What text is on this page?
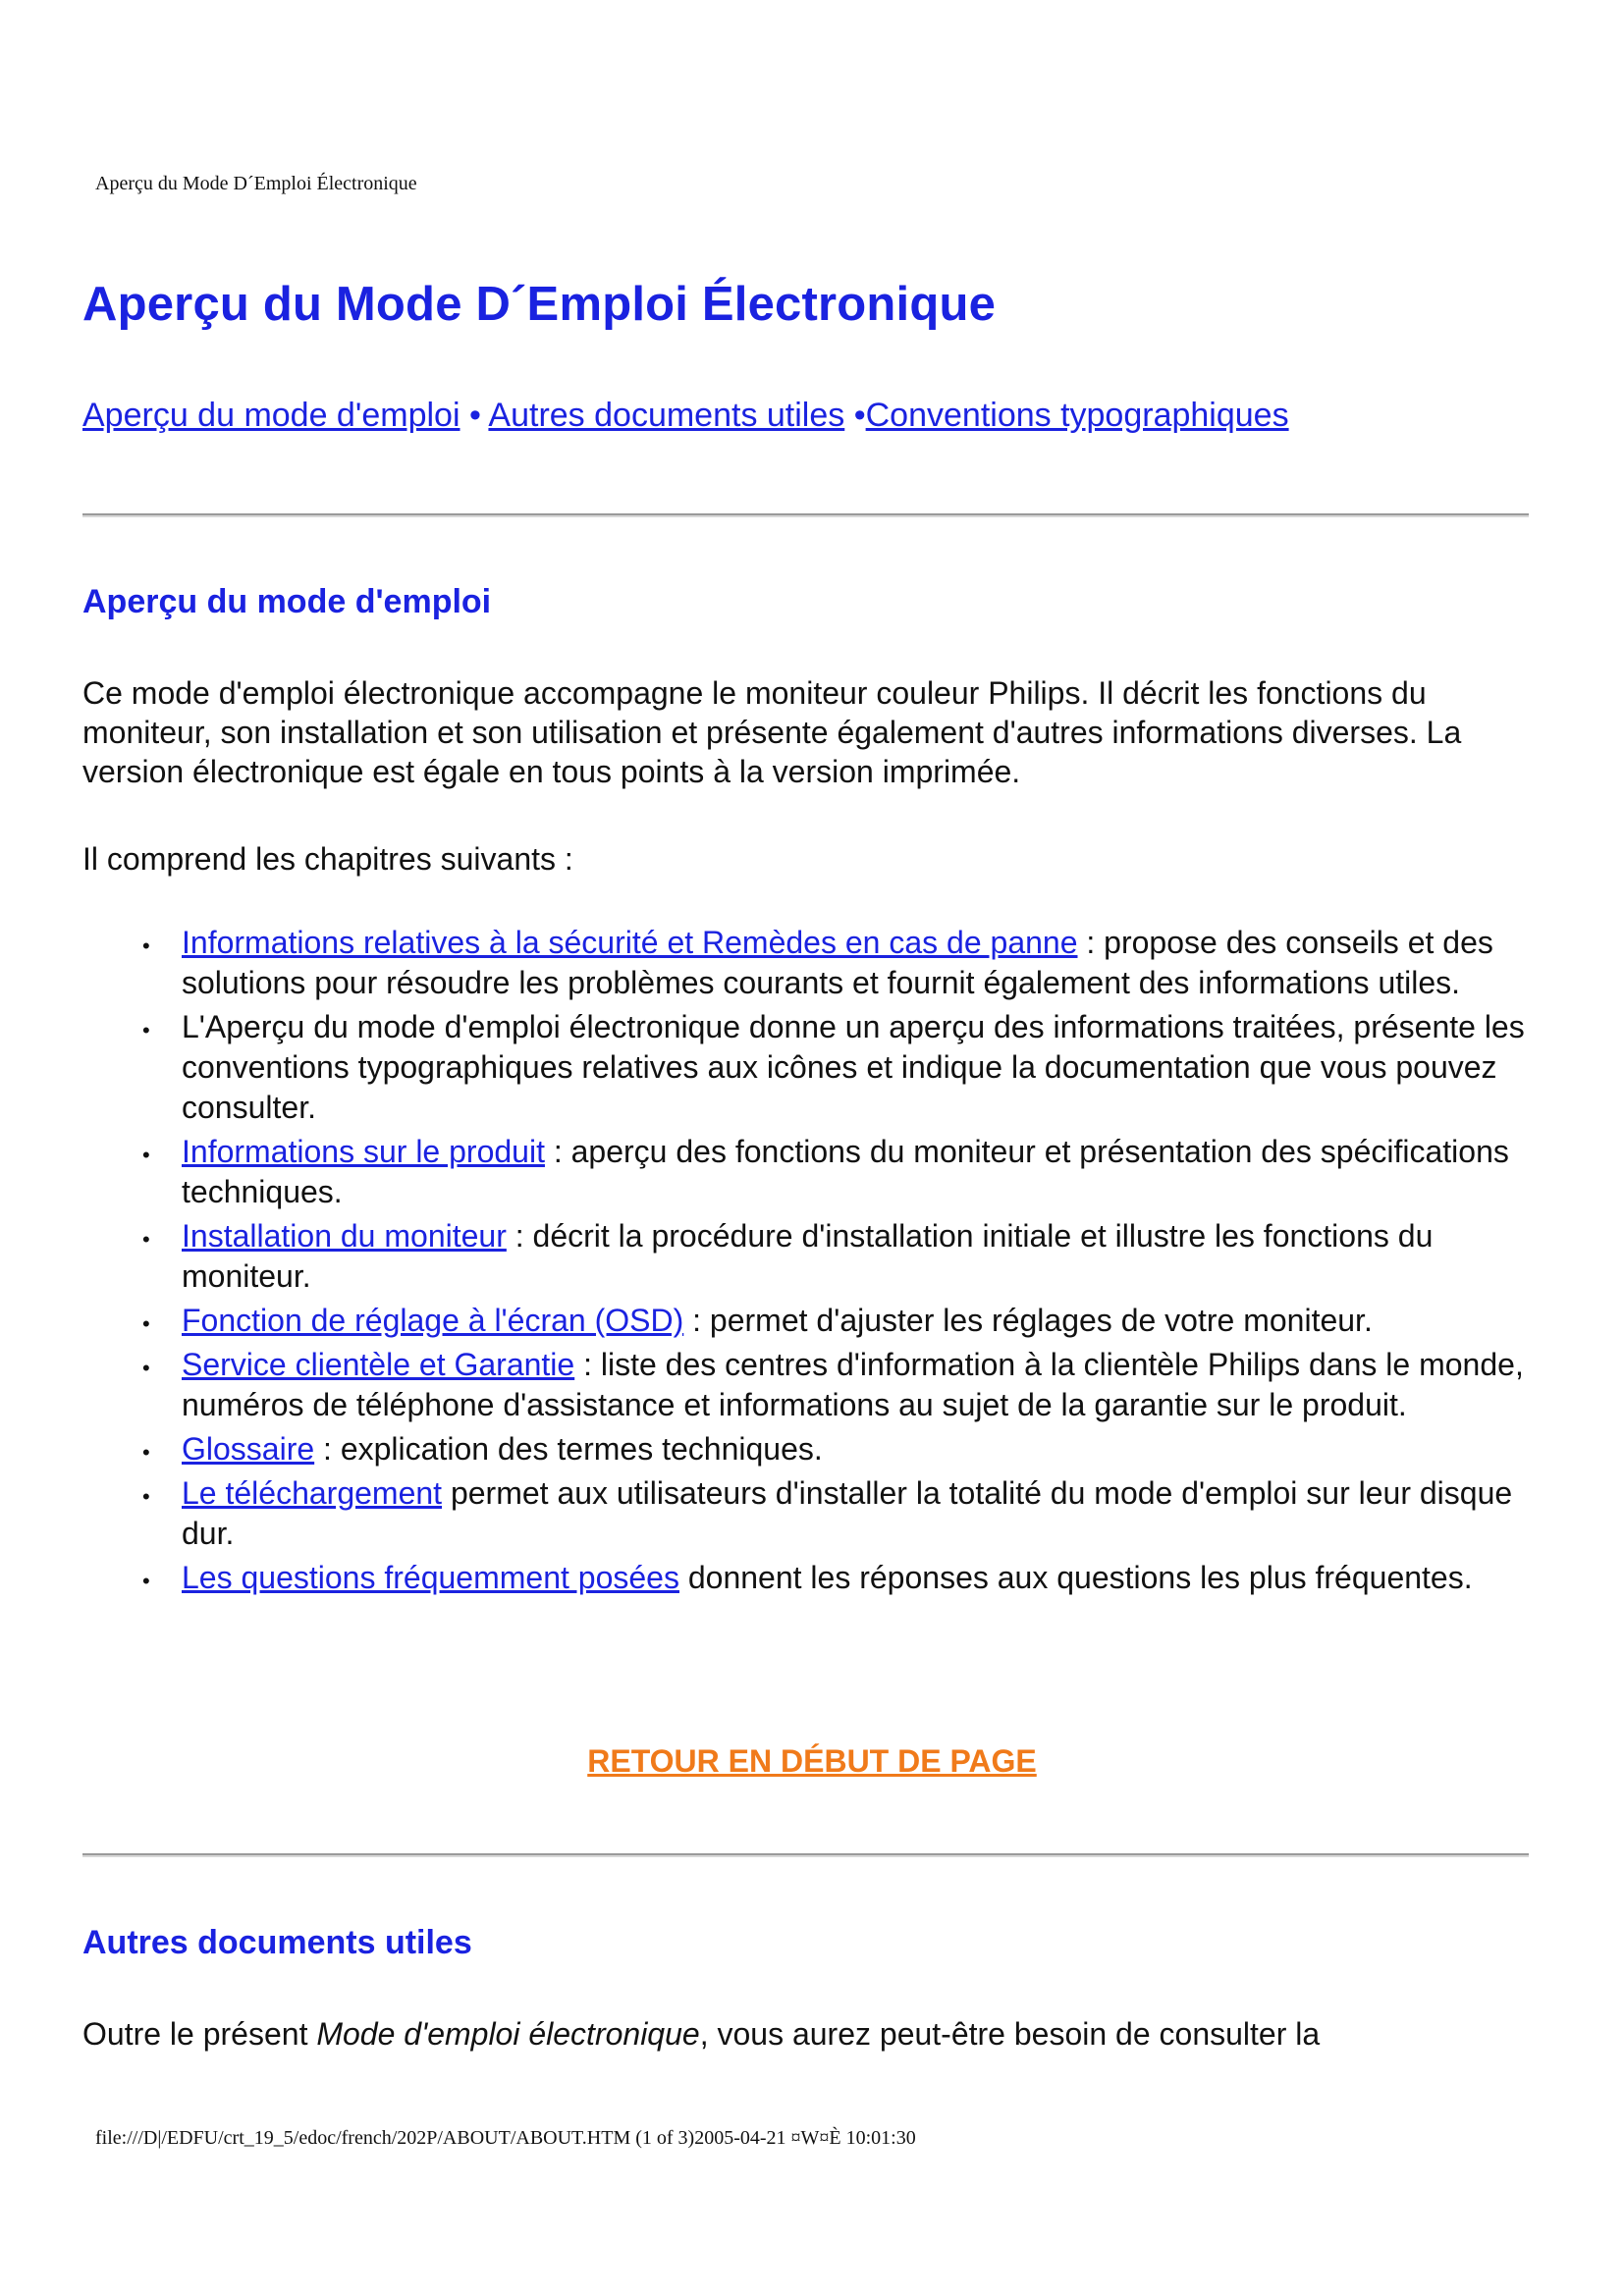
Aperçu du Mode D´Emploi Électronique
Aperçu du Mode D´Emploi Électronique
Aperçu du mode d'emploi • Autres documents utiles •Conventions typographiques
Aperçu du mode d'emploi

Ce mode d'emploi électronique accompagne le moniteur couleur Philips. Il décrit les fonctions du moniteur, son installation et son utilisation et présente également d'autres informations diverses. La version électronique est égale en tous points à la version imprimée.

Il comprend les chapitres suivants :

• Informations relatives à la sécurité et Remèdes en cas de panne : propose des conseils et des solutions pour résoudre les problèmes courants et fournit également des informations utiles.
• L'Aperçu du mode d'emploi électronique donne un aperçu des informations traitées, présente les conventions typographiques relatives aux icônes et indique la documentation que vous pouvez consulter.
• Informations sur le produit : aperçu des fonctions du moniteur et présentation des spécifications techniques.
• Installation du moniteur : décrit la procédure d'installation initiale et illustre les fonctions du moniteur.
• Fonction de réglage à l'écran (OSD) : permet d'ajuster les réglages de votre moniteur.
• Service clientèle et Garantie : liste des centres d'information à la clientèle Philips dans le monde, numéros de téléphone d'assistance et informations au sujet de la garantie sur le produit.
• Glossaire : explication des termes techniques.
• Le téléchargement permet aux utilisateurs d'installer la totalité du mode d'emploi sur leur disque dur.
• Les questions fréquemment posées donnent les réponses aux questions les plus fréquentes.
RETOUR EN DÉBUT DE PAGE
Autres documents utiles

Outre le présent Mode d'emploi électronique, vous aurez peut-être besoin de consulter la

file:///D|/EDFU/crt_19_5/edoc/french/202P/ABOUT/ABOUT.HTM (1 of 3)2005-04-21 ¤W¤È 10:01:30
